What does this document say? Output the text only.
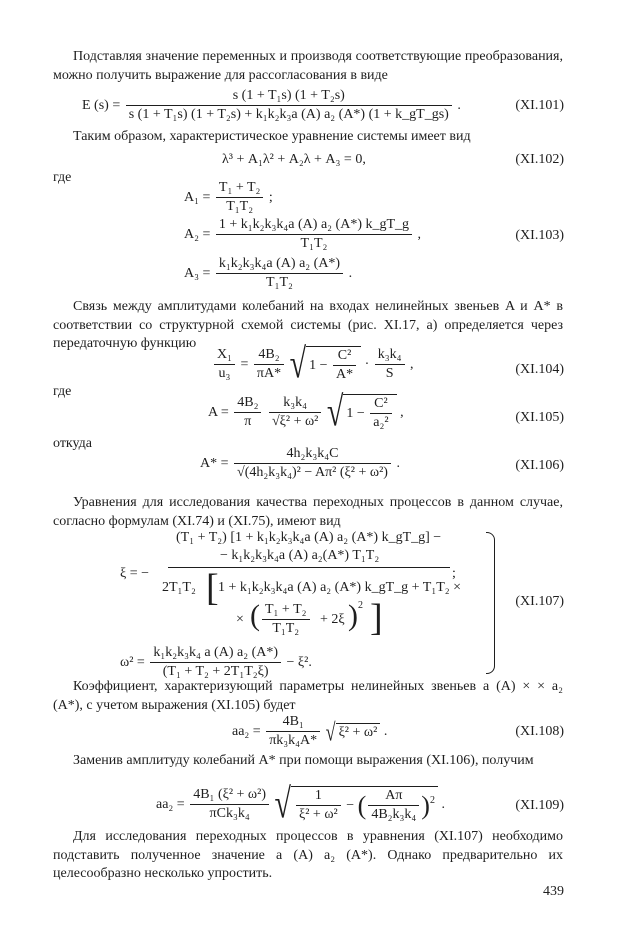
Подставляя значение переменных и производя соответствующие преобразования, можно получить выражение для рассогласования в виде
E $(s) = \frac{\text{s (1 + T₁s) (1 + T₂s)}}{\text{s (1 + T₁s) (1 + T₂s) + k₁k₂k₃a (A) a₂ (A*) (1 + k\_gT\_gs)}}$ .	(XI.101)
Таким образом, характеристическое уравнение системы имеет вид
λ³ + A₁λ² + A₂λ + A₃ = 0,	(XI.102)
где
$A_1 = \frac{\text{T₁ + T₂}}{\text{T₁T₂}}$ ;
$A_2 = \frac{\text{1 + k₁k₂k₃k₄a (A) a₂ (A*) k\_gT\_g}}{\text{T₁T₂}}$ ,	(XI.103)
$A_3 = \frac{\text{k₁k₂k₃k₄a (A) a₂ (A*)}}{\text{T₁T₂}}$ .
Связь между амплитудами колебаний на входах нелинейных звеньев A и A* в соответствии со структурной схемой системы (рис. XI.17, а) определяется через передаточную функцию
$\frac{\text{X₁}}{\text{u₃}} = \frac{\text{4B₂}}{\pi A*}$ √ $1 - \frac{\text{C²}}{A*} \cdot \frac{\text{k₃k₄}}{S}$ ,	(XI.104)
где
$A = \frac{\text{4B₂}}{\pi}$
$\frac{\text{k₃k₄}}{\text{√ξ² + ω²}}$ √ $1 - \frac{\text{C²}}{\text{a₂²}}$ ,	(XI.105)
откуда
$A* = \frac{\text{4h₂k₃k₄C}}{\text{√(4h₂k₃k₄)² − Aπ² (ξ² + ω²)}}$ .	(XI.106)
Уравнения для исследования качества переходных процессов в данном случае, согласно формулам (XI.74) и (XI.75), имеют вид
ξ = −
(T₁ + T₂) [1 + k₁k₂k₃k₄a (A) a₂ (A*) k_gT_g] −
− k₁k₂k₃k₄a (A) a₂(A*) T₁T₂
2T₁T₂ [ 1 + k₁k₂k₃k₄a (A) a₂ (A*) k_gT_g + T₁T₂ ×
× ( $\frac{\text{T₁ + T₂}}{\text{T₁T₂}} + 2\xi$ ) 2 ]
;
$\omega^2 = \frac{\text{k₁k₂k₃k₄ a (A) a₂ (A*)}}{\text{(T₁ + T₂ + 2T₁T₂ξ)}} - \xi^2$.
(XI.107)
Коэффициент, характеризующий параметры нелинейных звеньев a (A) × × a₂ (A*), с учетом выражения (XI.105) будет
$aa_2 = \frac{\text{4B₁}}{\text{πk₃k₄A*}}$ √ ξ² + ω² .	(XI.108)
Заменив амплитуду колебаний A* при помощи выражения (XI.106), получим
$aa_2 = \frac{\text{4B₁ (ξ² + ω²)}}{\text{πCk₃k₄}}$ √ $\frac{1}{\text{ξ² + ω²}}$ − ( $\frac{A\pi}{\text{4B₂k₃k₄}} )^2$ .	(XI.109)
Для исследования переходных процессов в уравнения (XI.107) необходимо подставить полученное значение a (A) a₂ (A*). Однако предварительно их целесообразно несколько упростить.
439
